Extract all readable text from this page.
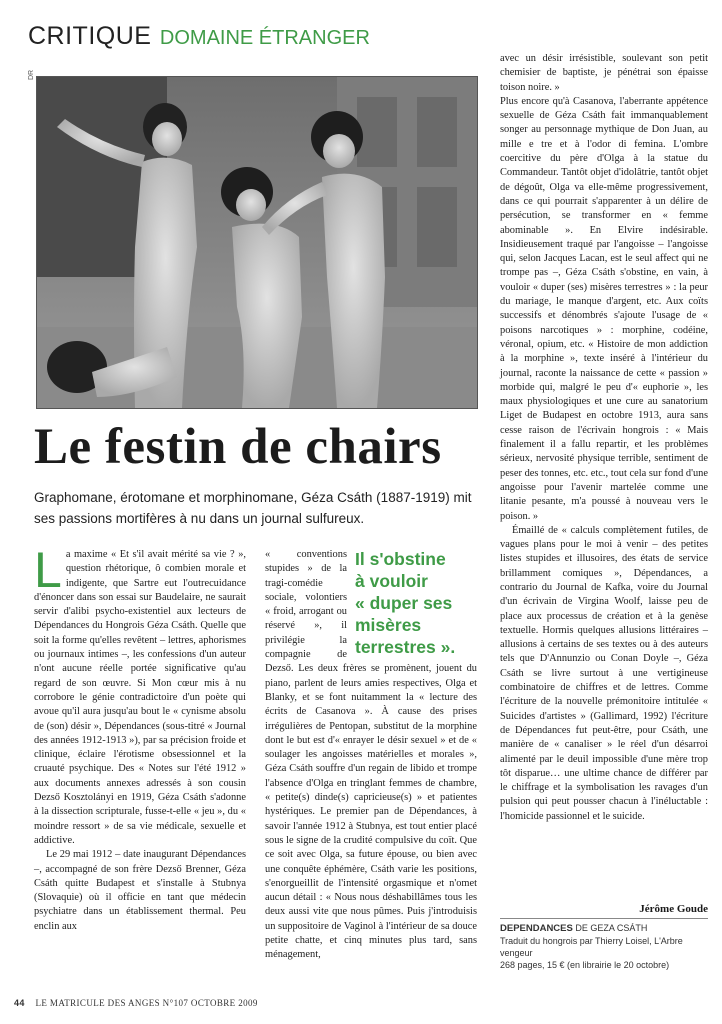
CRITIQUE DOMAINE ÉTRANGER
DR
Le festin de chairs

Graphomane, érotomane et morphinomane, Géza Csáth (1887-1919) mit ses passions mortifères à nu dans un journal sulfureux.

La maxime « Et s'il avait mérité sa vie ? », question rhétorique, ô combien morale et indigente, que Sartre eut l'outrecuidance d'énoncer dans son essai sur Baudelaire, ne saurait servir d'alibi psycho-existentiel aux lecteurs de Dépendances du Hongrois Géza Csáth. Quelle que soit la forme qu'elles revêtent – lettres, aphorismes ou journaux intimes –, les confessions d'un auteur n'ont aucune réelle portée significative qu'au regard de son œuvre. Si Mon cœur mis à nu corrobore le génie contradictoire d'un poète qui avoue qu'il aura jusqu'au bout le « cynisme absolu de (son) désir », Dépendances (sous-titré « Journal des années 1912-1913 »), par sa précision froide et clinique, éclaire l'érotisme obsessionnel et la cruauté psychique. Des « Notes sur l'été 1912 » aux documents annexes adressés à son cousin Dezső Kosztolányi en 1919, Géza Csáth s'adonne à la dissection scripturale, fusse-t-elle « jeu », du « moindre ressort » de sa vie médicale, sexuelle et addictive.

Le 29 mai 1912 – date inaugurant Dépendances –, accompagné de son frère Dezső Brenner, Géza Csáth quitte Budapest et s'installe à Stubnya (Slovaquie) où il officie en tant que médecin psychiatre dans un établissement thermal. Peu enclin aux

Il s'obstine
à vouloir
« duper ses
misères
terrestres ».

« conventions stupides » de la tragi-comédie sociale, volontiers « froid, arrogant ou réservé », il privilégie la compagnie de Dezső. Les deux frères se promènent, jouent du piano, parlent de leurs amies respectives, Olga et Blanky, et se font nuitamment la « lecture des écrits de Casanova ». À cause des prises irrégulières de Pentopan, substitut de la morphine dont le but est d'« enrayer le désir sexuel » et de « soulager les angoisses matérielles et morales », Géza Csáth souffre d'un regain de libido et trompe l'absence d'Olga en tringlant femmes de chambre, « petite(s) dinde(s) capricieuse(s) » et patientes hystériques. Le premier pan de Dépendances, à savoir l'année 1912 à Stubnya, est tout entier placé sous le signe de la crudité compulsive du coït. Que ce soit avec Olga, sa future épouse, ou bien avec une conquête éphémère, Csáth varie les positions, s'enorgueillit de l'intensité orgasmique et n'omet aucun détail : « Nous nous déshabillâmes tous les deux aussi vite que nous pûmes. Puis j'introduisis un suppositoire de Vaginol à l'intérieur de sa douce petite chatte, et cinq minutes plus tard, sans ménagement,

avec un désir irrésistible, soulevant son petit chemisier de baptiste, je pénétrai son épaisse toison noire. »

Plus encore qu'à Casanova, l'aberrante appétence sexuelle de Géza Csáth fait immanquablement songer au personnage mythique de Don Juan, au mille e tre et à l'odor di femina. L'ombre coercitive du père d'Olga à la statue du Commandeur. Tantôt objet d'idolâtrie, tantôt objet de dégoût, Olga va elle-même progressivement, dans ce qui pourrait s'apparenter à un délire de persécution, se transformer en « femme abominable ». En Elvire indésirable. Insidieusement traqué par l'angoisse – l'angoisse qui, selon Jacques Lacan, est le seul affect qui ne trompe pas –, Géza Csáth s'obstine, en vain, à vouloir « duper (ses) misères terrestres » : la peur du mariage, le manque d'argent, etc. Aux coïts successifs et dénombrés s'ajoute l'usage de « poisons narcotiques » : morphine, codéine, véronal, opium, etc. « Histoire de mon addiction à la morphine », texte inséré à l'intérieur du journal, raconte la naissance de cette « passion » morbide qui, malgré le peu d'« euphorie », les maux physiologiques et une cure au sanatorium Liget de Budapest en octobre 1913, aura sans cesse raison de l'écrivain hongrois : « Mais finalement il a fallu repartir, et les problèmes sérieux, nervosité physique terrible, sentiment de peser des tonnes, etc. etc., tout cela sur fond d'une angoisse pour l'avenir martelée comme une litanie pesante, m'a poussé à nouveau vers le poison. »

Émaillé de « calculs complètement futiles, de vagues plans pour le moi à venir – des petites listes stupides et illusoires, des états de service brillamment comiques », Dépendances, a contrario du Journal de Kafka, voire du Journal d'un écrivain de Virgina Woolf, laisse peu de place aux processus de création et à la genèse textuelle. Hormis quelques allusions littéraires – allusions à certains de ses textes ou à des auteurs tels que D'Annunzio ou Conan Doyle –, Géza Csáth se livre surtout à une vertigineuse combinatoire de chiffres et de lettres. Comme l'écriture de la nouvelle prémonitoire intitulée « Suicides d'artistes » (Gallimard, 1992) l'écriture de Dépendances fut peut-être, pour Csáth, une manière de « canaliser » le réel d'un désarroi alimenté par le deuil impossible d'une mère trop tôt disparue… une ultime chance de différer par le chiffrage et la symbolisation les ravages d'un pulsion qui peut pousser chacun à l'inéluctable : l'homicide passionnel et le suicide.

Jérôme Goude
DEPENDANCES DE GEZA CSÁTH
Traduit du hongrois par Thierry Loisel, L'Arbre vengeur
268 pages, 15 € (en librairie le 20 octobre)
44 LE MATRICULE DES ANGES N°107 OCTOBRE 2009
